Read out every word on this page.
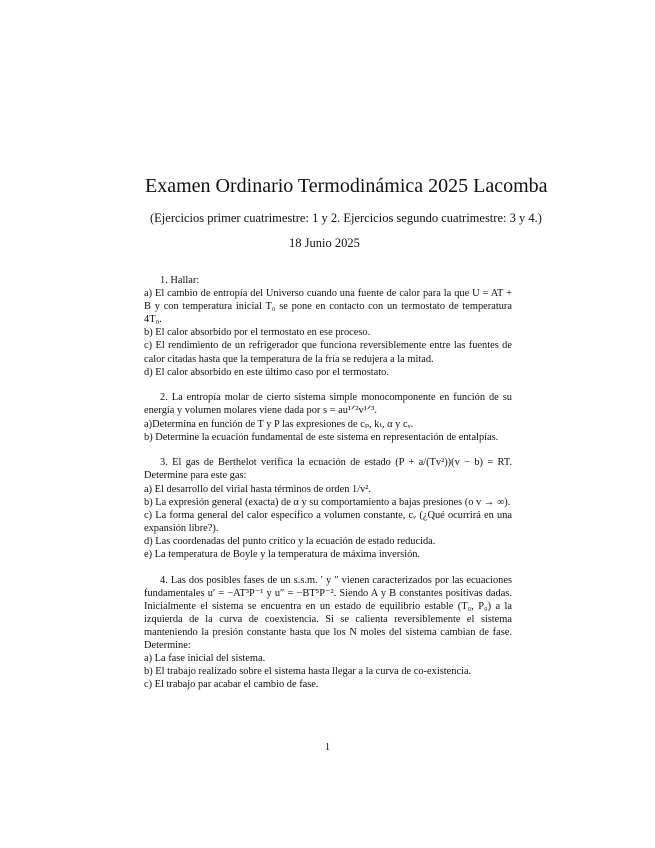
Examen Ordinario Termodinámica 2025 Lacomba
(Ejercicios primer cuatrimestre: 1 y 2. Ejercicios segundo cuatrimestre: 3 y 4.)
18 Junio 2025

1. Hallar:

a) El cambio de entropía del Universo cuando una fuente de calor para la que U = AT + B y con temperatura inicial T₀ se pone en contacto con un termostato de temperatura 4T₀.

b) El calor absorbido por el termostato en ese proceso.

c) El rendimiento de un refrigerador que funciona reversiblemente entre las fuentes de calor citadas hasta que la temperatura de la fría se redujera a la mitad.

d) El calor absorbido en este último caso por el termostato.

2. La entropía molar de cierto sistema simple monocomponente en función de su energía y volumen molares viene dada por s = au¹ᐟ²v¹ᐟ³.

a)Determina en función de T y P las expresiones de cₚ, kₜ, α y cᵥ.

b) Determine la ecuación fundamental de este sistema en representación de entalpías.

3. El gas de Berthelot verifica la ecuación de estado (P + a/(Tv²))(v − b) = RT. Determine para este gas:

a) El desarrollo del virial hasta términos de orden 1/v².

b) La expresión general (exacta) de α y su comportamiento a bajas presiones (o v → ∞).

c) La forma general del calor específico a volumen constante, cᵥ (¿Qué ocurrirá en una expansión libre?).

d) Las coordenadas del punto crítico y la ecuación de estado reducida.

e) La temperatura de Boyle y la temperatura de máxima inversión.

4. Las dos posibles fases de un s.s.m. ′ y ″ vienen caracterizados por las ecuaciones fundamentales u′ = −AT³P⁻¹ y u″ = −BT⁵P⁻². Siendo A y B constantes positivas dadas. Inicialmente el sistema se encuentra en un estado de equilibrio estable (T₀, P₀) a la izquierda de la curva de coexistencia. Si se calienta reversiblemente el sistema manteniendo la presión constante hasta que los N moles del sistema cambian de fase. Determine:

a) La fase inicial del sistema.

b) El trabajo realizado sobre el sistema hasta llegar a la curva de co-existencia.

c) El trabajo par acabar el cambio de fase.

1
